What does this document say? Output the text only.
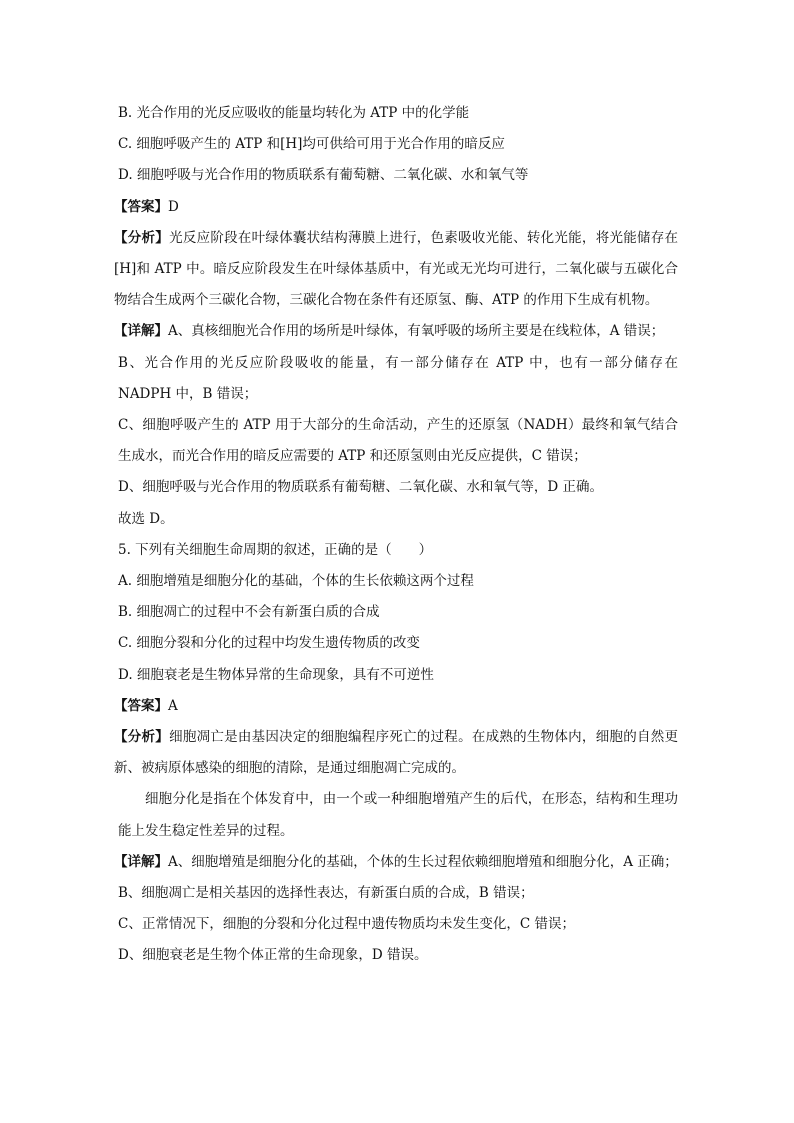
B. 光合作用的光反应吸收的能量均转化为 ATP 中的化学能
C. 细胞呼吸产生的 ATP 和[H]均可供给可用于光合作用的暗反应
D. 细胞呼吸与光合作用的物质联系有葡萄糖、二氧化碳、水和氧气等
【答案】D
【分析】光反应阶段在叶绿体囊状结构薄膜上进行，色素吸收光能、转化光能，将光能储存在[H]和 ATP 中。暗反应阶段发生在叶绿体基质中，有光或无光均可进行，二氧化碳与五碳化合物结合生成两个三碳化合物，三碳化合物在条件有还原氢、酶、ATP 的作用下生成有机物。
【详解】A、真核细胞光合作用的场所是叶绿体，有氧呼吸的场所主要是在线粒体，A 错误；
B、光合作用的光反应阶段吸收的能量，有一部分储存在 ATP 中，也有一部分储存在 NADPH 中，B 错误；
C、细胞呼吸产生的 ATP 用于大部分的生命活动，产生的还原氢（NADH）最终和氧气结合生成水，而光合作用的暗反应需要的 ATP 和还原氢则由光反应提供，C 错误；
D、细胞呼吸与光合作用的物质联系有葡萄糖、二氧化碳、水和氧气等，D 正确。
故选 D。
5. 下列有关细胞生命周期的叙述，正确的是（　　）
A. 细胞增殖是细胞分化的基础，个体的生长依赖这两个过程
B. 细胞凋亡的过程中不会有新蛋白质的合成
C. 细胞分裂和分化的过程中均发生遗传物质的改变
D. 细胞衰老是生物体异常的生命现象，具有不可逆性
【答案】A
【分析】细胞凋亡是由基因决定的细胞编程序死亡的过程。在成熟的生物体内，细胞的自然更新、被病原体感染的细胞的清除，是通过细胞凋亡完成的。
细胞分化是指在个体发育中，由一个或一种细胞增殖产生的后代，在形态，结构和生理功能上发生稳定性差异的过程。
【详解】A、细胞增殖是细胞分化的基础，个体的生长过程依赖细胞增殖和细胞分化，A 正确；
B、细胞凋亡是相关基因的选择性表达，有新蛋白质的合成，B 错误；
C、正常情况下，细胞的分裂和分化过程中遗传物质均未发生变化，C 错误；
D、细胞衰老是生物个体正常的生命现象，D 错误。
